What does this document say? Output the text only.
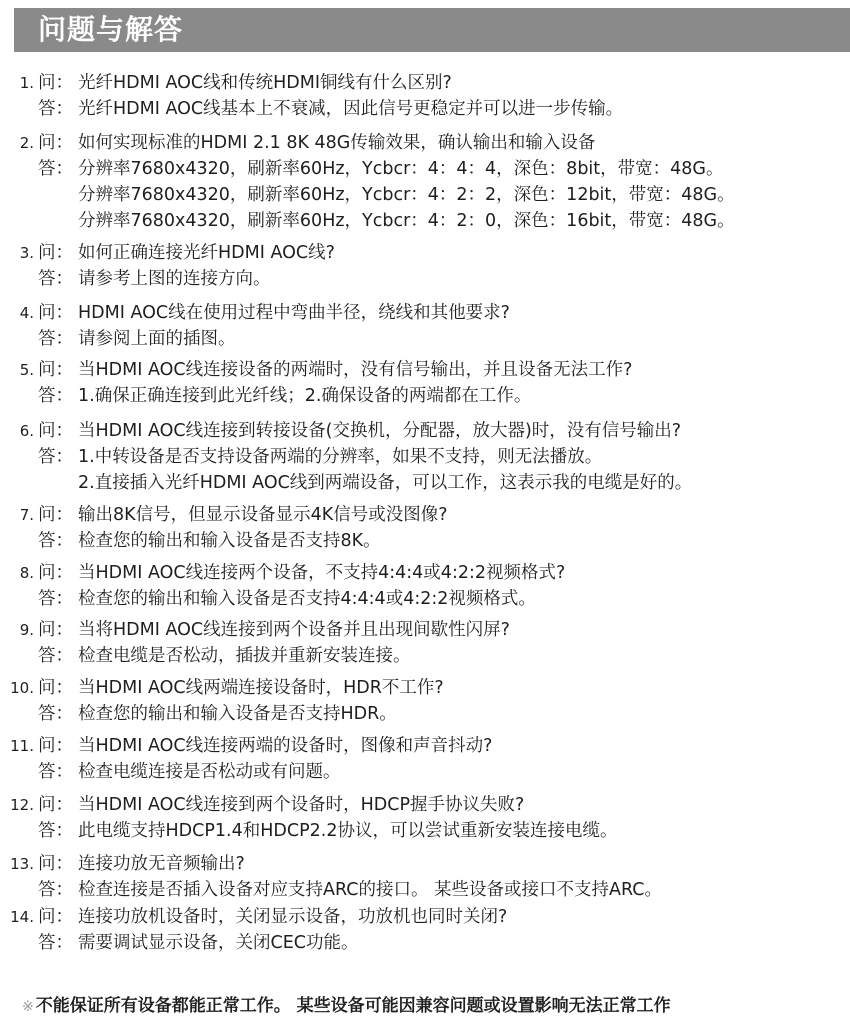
问题与解答
1. 问： 光纤HDMI AOC线和传统HDMI铜线有什么区别?
答： 光纤HDMI AOC线基本上不衰减，因此信号更稳定并可以进一步传输。
2. 问： 如何实现标准的HDMI 2.1 8K 48G传输效果，确认输出和输入设备
答： 分辨率7680x4320，刷新率60Hz，Ycbcr：4：4：4，深色：8bit，带宽：48G。
分辨率7680x4320，刷新率60Hz，Ycbcr：4：2：2，深色：12bit，带宽：48G。
分辨率7680x4320，刷新率60Hz，Ycbcr：4：2：0，深色：16bit，带宽：48G。
3. 问： 如何正确连接光纤HDMI AOC线?
答： 请参考上图的连接方向。
4. 问： HDMI AOC线在使用过程中弯曲半径，绕线和其他要求?
答： 请参阅上面的插图。
5. 问： 当HDMI AOC线连接设备的两端时，没有信号输出，并且设备无法工作?
答： 1.确保正确连接到此光纤线；2.确保设备的两端都在工作。
6. 问： 当HDMI AOC线连接到转接设备(交换机，分配器，放大器)时，没有信号输出?
答： 1.中转设备是否支持设备两端的分辨率，如果不支持，则无法播放。
2.直接插入光纤HDMI AOC线到两端设备，可以工作，这表示我的电缆是好的。
7. 问： 输出8K信号，但显示设备显示4K信号或没图像?
答： 检查您的输出和输入设备是否支持8K。
8. 问： 当HDMI AOC线连接两个设备，不支持4:4:4或4:2:2视频格式?
答： 检查您的输出和输入设备是否支持4:4:4或4:2:2视频格式。
9. 问： 当将HDMI AOC线连接到两个设备并且出现间歇性闪屏?
答： 检查电缆是否松动，插拔并重新安装连接。
10. 问： 当HDMI AOC线两端连接设备时，HDR不工作?
答： 检查您的输出和输入设备是否支持HDR。
11. 问： 当HDMI AOC线连接两端的设备时，图像和声音抖动?
答： 检查电缆连接是否松动或有问题。
12. 问： 当HDMI AOC线连接到两个设备时，HDCP握手协议失败?
答： 此电缆支持HDCP1.4和HDCP2.2协议，可以尝试重新安装连接电缆。
13. 问： 连接功放无音频输出?
答： 检查连接是否插入设备对应支持ARC的接口。 某些设备或接口不支持ARC。
14. 问： 连接功放机设备时，关闭显示设备，功放机也同时关闭?
答： 需要调试显示设备，关闭CEC功能。
※ 不能保证所有设备都能正常工作。 某些设备可能因兼容问题或设置影响无法正常工作
